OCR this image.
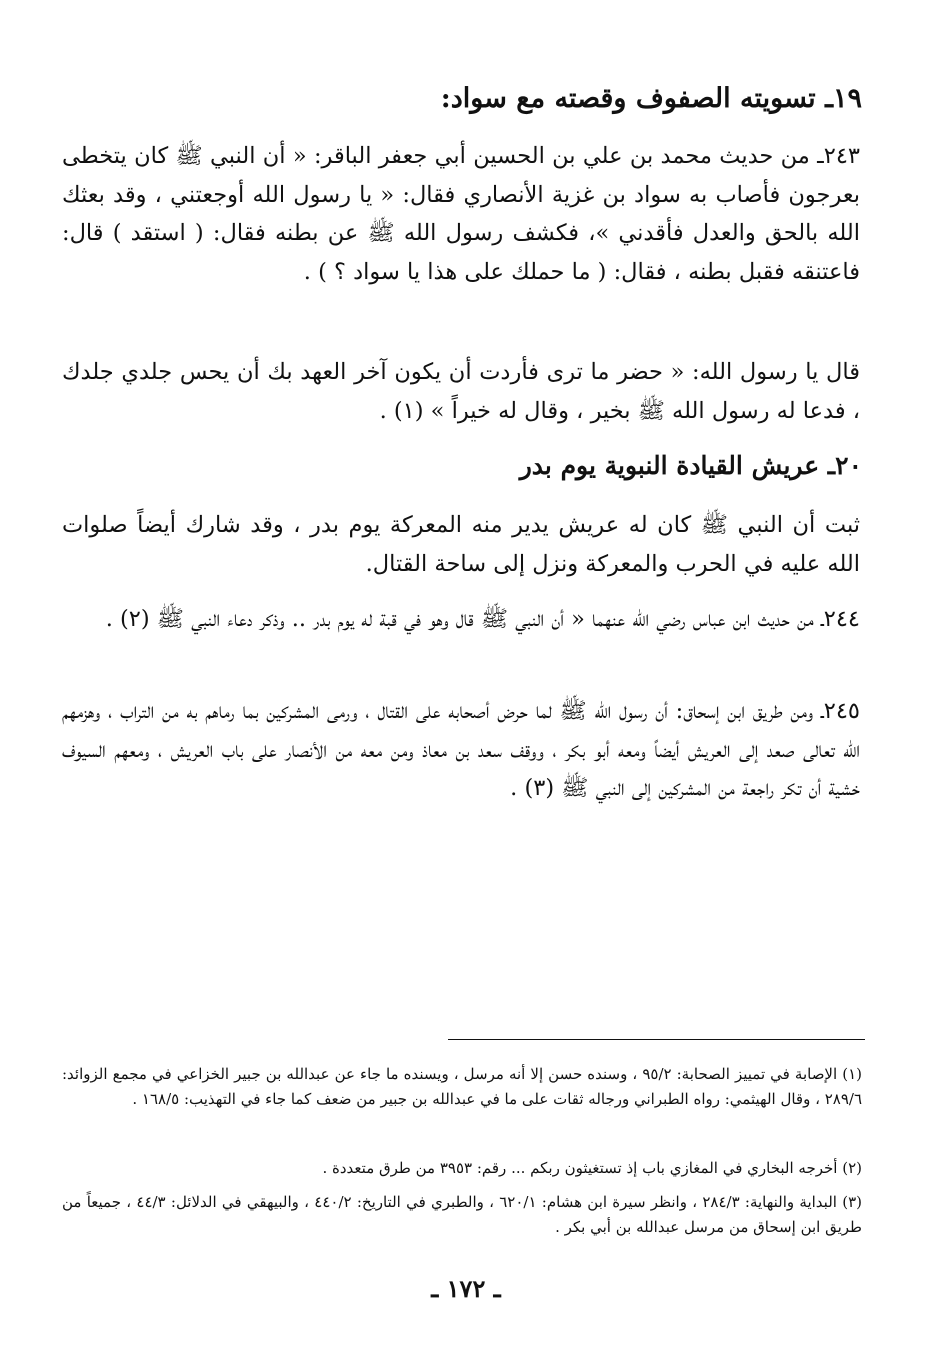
١٩ـ تسويته الصفوف وقصته مع سواد:
٢٤٣ـ من حديث محمد بن علي بن الحسين أبي جعفر الباقر: « أن النبي ﷺ كان يتخطى بعرجون فأصاب به سواد بن غزية الأنصاري فقال: « يا رسول الله أوجعتني ، وقد بعثك الله بالحق والعدل فأقدني »، فكشف رسول الله ﷺ عن بطنه فقال: ( استقد ) قال: فاعتنقه فقبل بطنه ، فقال: ( ما حملك على هذا يا سواد ؟ ) .
قال يا رسول الله: « حضر ما ترى فأردت أن يكون آخر العهد بك أن يحس جلدي جلدك ، فدعا له رسول الله ﷺ بخير ، وقال له خيراً » (١) .
٢٠ـ عريش القيادة النبوية يوم بدر
ثبت أن النبي ﷺ كان له عريش يدير منه المعركة يوم بدر ، وقد شارك أيضاً صلوات الله عليه في الحرب والمعركة ونزل إلى ساحة القتال.
٢٤٤ـ من حديث ابن عباس رضي الله عنهما « أن النبي ﷺ قال وهو في قبة له يوم بدر .. وذكر دعاء النبي ﷺ (٢) .
٢٤٥ـ ومن طريق ابن إسحاق: أن رسول الله ﷺ لما حرض أصحابه على القتال ، ورمى المشركين بما رماهم به من التراب ، وهزمهم الله تعالى صعد إلى العريش أيضاً ومعه أبو بكر ، ووقف سعد بن معاذ ومن معه من الأنصار على باب العريش ، ومعهم السيوف خشية أن تكر راجعة من المشركين إلى النبي ﷺ (٣) .
(١) الإصابة في تمييز الصحابة: ٩٥/٢ ، وسنده حسن إلا أنه مرسل ، ويسنده ما جاء عن عبدالله بن جبير الخزاعي في مجمع الزوائد: ٢٨٩/٦ ، وقال الهيثمي: رواه الطبراني ورجاله ثقات على ما في عبدالله بن جبير من ضعف كما جاء في التهذيب: ١٦٨/٥ .
(٢) أخرجه البخاري في المغازي باب إذ تستغيثون ربكم ... رقم: ٣٩٥٣ من طرق متعددة .
(٣) البداية والنهاية: ٢٨٤/٣ ، وانظر سيرة ابن هشام: ٦٢٠/١ ، والطبري في التاريخ: ٤٤٠/٢ ، والبيهقي في الدلائل: ٤٤/٣ ، جميعاً من طريق ابن إسحاق من مرسل عبدالله بن أبي بكر .
ـ ١٧٢ ـ
